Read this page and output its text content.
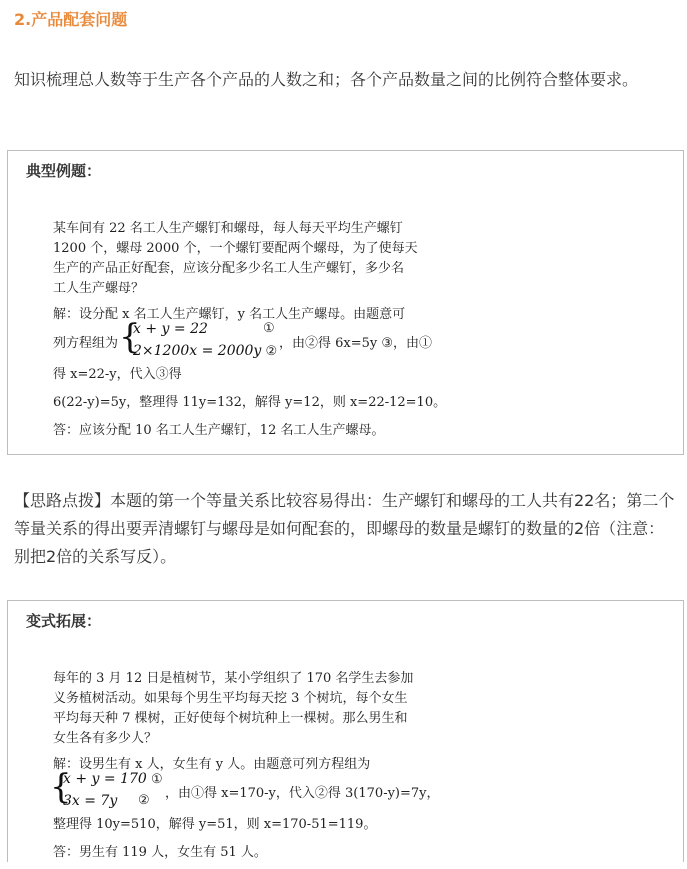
2.产品配套问题
知识梳理总人数等于生产各个产品的人数之和；各个产品数量之间的比例符合整体要求。
典型例题：
某车间有 22 名工人生产螺钉和螺母，每人每天平均生产螺钉
1200 个，螺母 2000 个，一个螺钉要配两个螺母，为了使每天
生产的产品正好配套，应该分配多少名工人生产螺钉，多少名
工人生产螺母？
解：设分配 x 名工人生产螺钉，y 名工人生产螺母。由题意可
列方程组为 {
x + y = 22	①
2×1200x = 2000y ②
，由②得 6x=5y ③，由①
得 x=22-y，代入③得
6(22-y)=5y，整理得 11y=132，解得 y=12，则 x=22-12=10。
答：应该分配 10 名工人生产螺钉，12 名工人生产螺母。
【思路点拨】本题的第一个等量关系比较容易得出：生产螺钉和螺母的工人共有22名；第二个等量关系的得出要弄清螺钉与螺母是如何配套的，即螺母的数量是螺钉的数量的2倍（注意：别把2倍的关系写反）。
变式拓展：
每年的 3 月 12 日是植树节，某小学组织了 170 名学生去参加
义务植树活动。如果每个男生平均每天挖 3 个树坑，每个女生
平均每天种 7 棵树，正好使每个树坑种上一棵树。那么男生和
女生各有多少人？
解：设男生有 x 人，女生有 y 人。由题意可列方程组为
{
x + y = 170 ①
3x = 7y ② ，由①得 x=170-y，代入②得 3(170-y)=7y，
整理得 10y=510，解得 y=51，则 x=170-51=119。
答：男生有 119 人，女生有 51 人。
